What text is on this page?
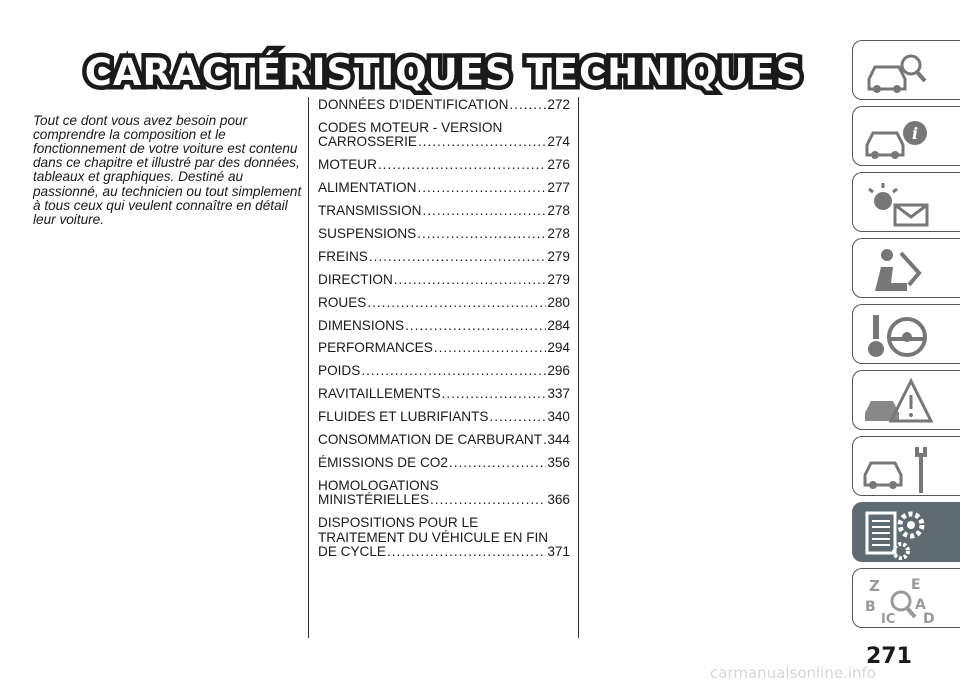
CARACTÉRISTIQUES TECHNIQUES

Tout ce dont vous avez besoin pour comprendre la composition et le fonctionnement de votre voiture est contenu dans ce chapitre et illustré par des données, tableaux et graphiques. Destiné au passionné, au technicien ou tout simplement à tous ceux qui veulent connaître en détail leur voiture.

DONNÉES D'IDENTIFICATION .....	272
CODES MOTEUR - VERSION
CARROSSERIE .....	274
MOTEUR .....	276
ALIMENTATION .....	277
TRANSMISSION .....	278
SUSPENSIONS .....	278
FREINS .....	279
DIRECTION .....	279
ROUES .....	280
DIMENSIONS .....	284
PERFORMANCES .....	294
POIDS .....	296
RAVITAILLEMENTS .....	337
FLUIDES ET LUBRIFIANTS .....	340
CONSOMMATION DE CARBURANT ..... 344
ÉMISSIONS DE CO2 .....	356
HOMOLOGATIONS
MINISTÉRIELLES .....	366
DISPOSITIONS POUR LE
TRAITEMENT DU VÉHICULE EN FIN
DE CYCLE .....	371
i
Z E
B	A
IC D
271
carmanualsonline.info
